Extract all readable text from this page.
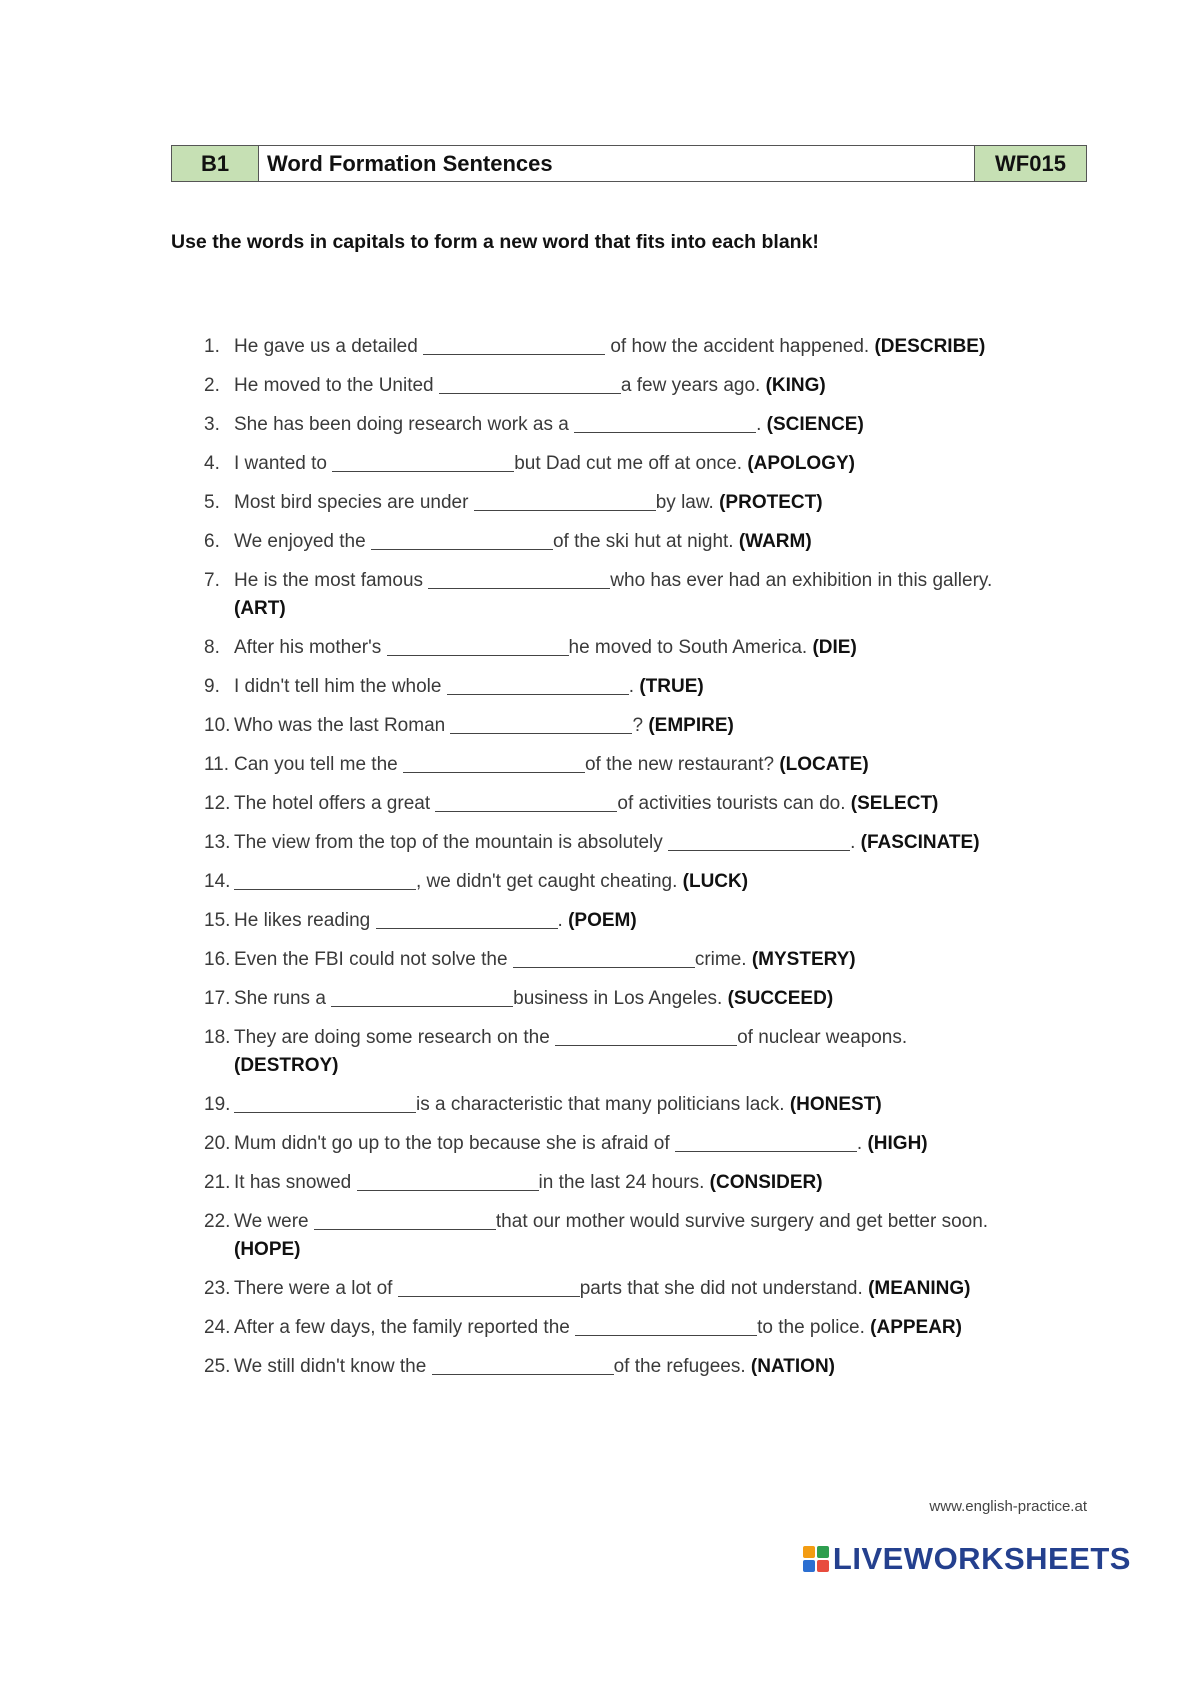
B1	Word Formation Sentences	WF015
Use the words in capitals to form a new word that fits into each blank!
1. He gave us a detailed	of how the accident happened. (DESCRIBE)
2. He moved to the United	a few years ago. (KING)
3. She has been doing research work as a	. (SCIENCE)
4. I wanted to	but Dad cut me off at once. (APOLOGY)
5. Most bird species are under	by law. (PROTECT)
6. We enjoyed the	of the ski hut at night. (WARM)
7. He is the most famous	who has ever had an exhibition in this gallery.
(ART)
8. After his mother's	he moved to South America. (DIE)
9. I didn't tell him the whole	. (TRUE)
10. Who was the last Roman	? (EMPIRE)
11. Can you tell me the	of the new restaurant? (LOCATE)
12. The hotel offers a great	of activities tourists can do. (SELECT)
13. The view from the top of the mountain is absolutely	. (FASCINATE)
14.	, we didn't get caught cheating. (LUCK)
15. He likes reading	. (POEM)
16. Even the FBI could not solve the	crime. (MYSTERY)
17. She runs a	business in Los Angeles. (SUCCEED)
18. They are doing some research on the	of nuclear weapons.
(DESTROY)
19.	is a characteristic that many politicians lack. (HONEST)
20. Mum didn't go up to the top because she is afraid of	. (HIGH)
21. It has snowed	in the last 24 hours. (CONSIDER)
22. We were	that our mother would survive surgery and get better soon.
(HOPE)
23. There were a lot of	parts that she did not understand. (MEANING)
24. After a few days, the family reported the	to the police. (APPEAR)
25. We still didn't know the	of the refugees. (NATION)
www.english-practice.at
LIVEWORKSHEETS
